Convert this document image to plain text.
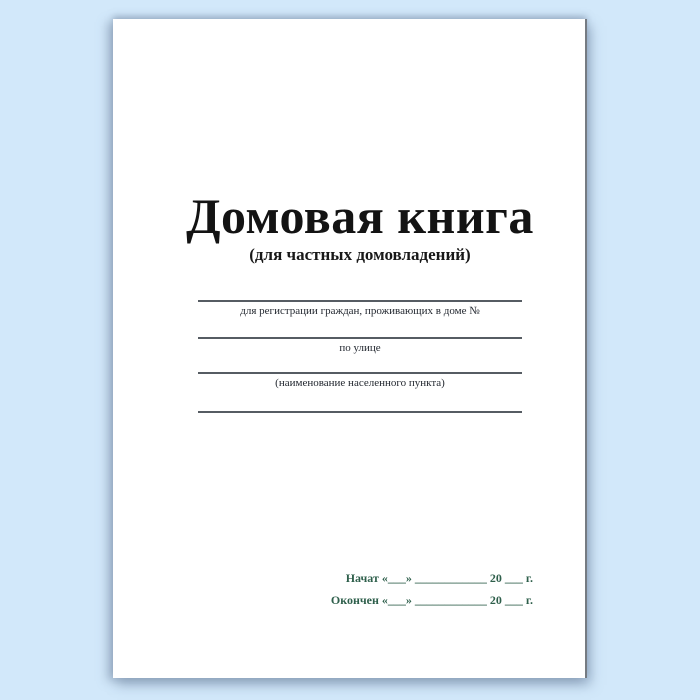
Домовая книга
(для частных домовладений)
для регистрации граждан, проживающих в доме №
по улице
(наименование населенного пункта)
Начат «___» ____________ 20 ___ г.
Окончен «___» ____________ 20 ___ г.
